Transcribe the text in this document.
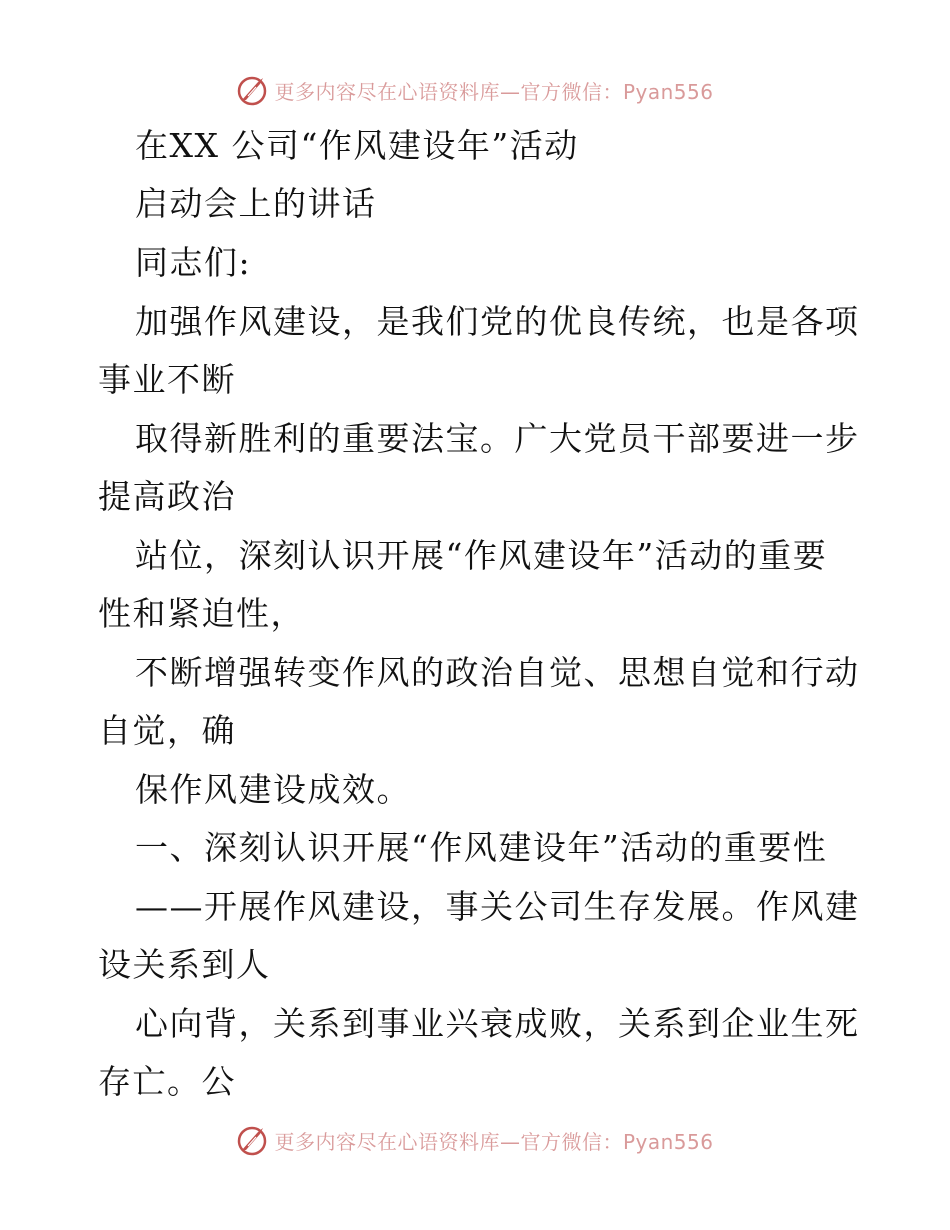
更多内容尽在心语资料库—官方微信：Pyan556
在XX 公司“作风建设年”活动
启动会上的讲话
同志们:
加强作风建设，是我们党的优良传统，也是各项
事业不断
取得新胜利的重要法宝。广大党员干部要进一步
提高政治
站位，深刻认识开展“作风建设年”活动的重要
性和紧迫性，
不断增强转变作风的政治自觉、思想自觉和行动
自觉，确
保作风建设成效。
一、深刻认识开展“作风建设年”活动的重要性
——开展作风建设，事关公司生存发展。作风建
设关系到人
心向背，关系到事业兴衰成败，关系到企业生死
存亡。公
更多内容尽在心语资料库—官方微信：Pyan556
